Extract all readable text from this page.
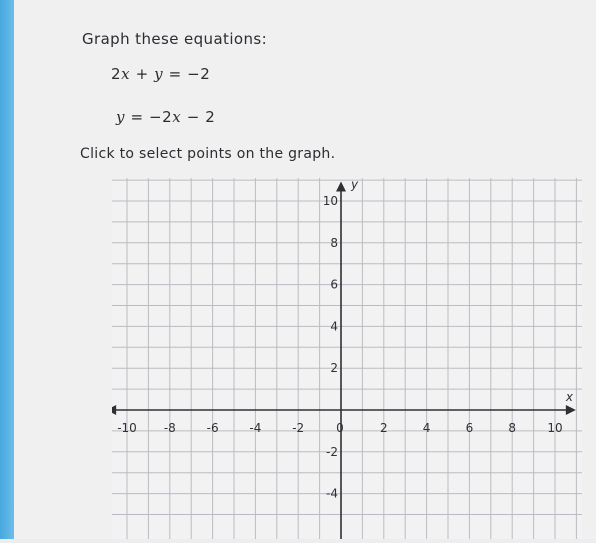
Graph these equations:
2x + y = −2
y = −2x − 2
Click to select points on the graph.
x
y
-10 -8	-6	-4	-2	0	2	4	6	8	10
10
8
6
4
2
-2
-4
